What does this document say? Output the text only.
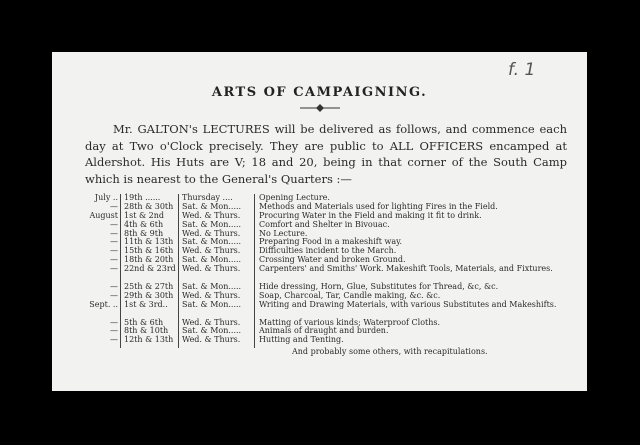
f. 1
ARTS OF CAMPAIGNING.
Mr. GALTON's LECTURES will be delivered as follows, and commence each day at Two o'Clock precisely. They are public to ALL OFFICERS encamped at Aldershot. His Huts are V; 18 and 20, being in that corner of the South Camp which is nearest to the General's Quarters :—
July .. 19th ......	Thursday ....	Opening Lecture.
— 28th & 30th	Sat. & Mon.....	Methods and Materials used for lighting Fires in the Field.
August 1st & 2nd	Wed. & Thurs.	Procuring Water in the Field and making it fit to drink.
— 4th & 6th	Sat. & Mon.....	Comfort and Shelter in Bivouac.
— 8th & 9th	Wed. & Thurs.	No Lecture.
— 11th & 13th	Sat. & Mon.....	Preparing Food in a makeshift way.
— 15th & 16th	Wed. & Thurs.	Difficulties incident to the March.
— 18th & 20th	Sat. & Mon.....	Crossing Water and broken Ground.
— 22nd & 23rd Wed. & Thurs.	Carpenters' and Smiths' Work. Makeshift Tools, Materials, and Fixtures.
— 25th & 27th	Sat. & Mon.....	Hide dressing, Horn, Glue, Substitutes for Thread, &c, &c.
— 29th & 30th	Wed. & Thurs.	Soap, Charcoal, Tar, Candle making, &c. &c.
Sept. .. 1st & 3rd..	Sat. & Mon.....	Writing and Drawing Materials, with various Substitutes and Makeshifts.
— 5th & 6th	Wed. & Thurs.	Matting of various kinds; Waterproof Cloths.
— 8th & 10th	Sat. & Mon.....	Animals of draught and burden.
— 12th & 13th	Wed. & Thurs.	Hutting and Tenting.
And probably some others, with recapitulations.
